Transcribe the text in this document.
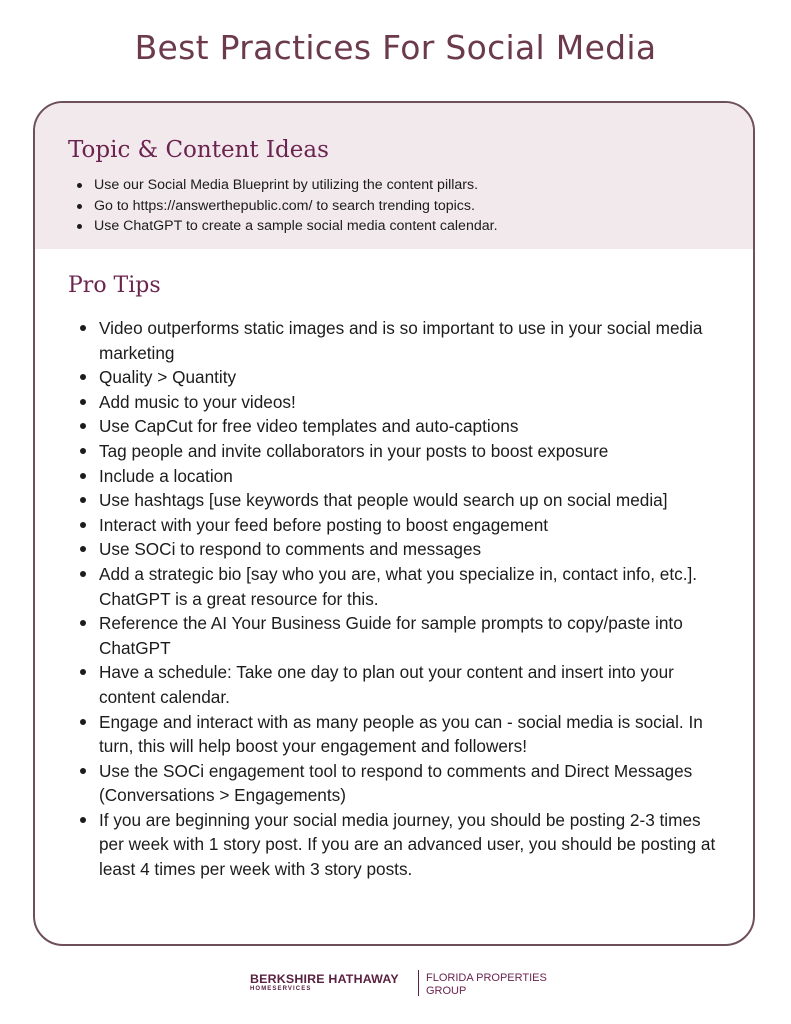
Best Practices For Social Media
Topic & Content Ideas
Use our Social Media Blueprint by utilizing the content pillars.
Go to https://answerthepublic.com/ to search trending topics.
Use ChatGPT to create a sample social media content calendar.
Pro Tips
Video outperforms static images and is so important to use in your social media marketing
Quality > Quantity
Add music to your videos!
Use CapCut for free video templates and auto-captions
Tag people and invite collaborators in your posts to boost exposure
Include a location
Use hashtags [use keywords that people would search up on social media]
Interact with your feed before posting to boost engagement
Use SOCi to respond to comments and messages
Add a strategic bio [say who you are, what you specialize in, contact info, etc.]. ChatGPT is a great resource for this.
Reference the AI Your Business Guide for sample prompts to copy/paste into ChatGPT
Have a schedule: Take one day to plan out your content and insert into your content calendar.
Engage and interact with as many people as you can - social media is social. In turn, this will help boost your engagement and followers!
Use the SOCi engagement tool to respond to comments and Direct Messages (Conversations > Engagements)
If you are beginning your social media journey, you should be posting 2-3 times per week with 1 story post. If you are an advanced user, you should be posting at least 4 times per week with 3 story posts.
BERKSHIRE HATHAWAY
HOMESERVICES
FLORIDA PROPERTIES
GROUP
